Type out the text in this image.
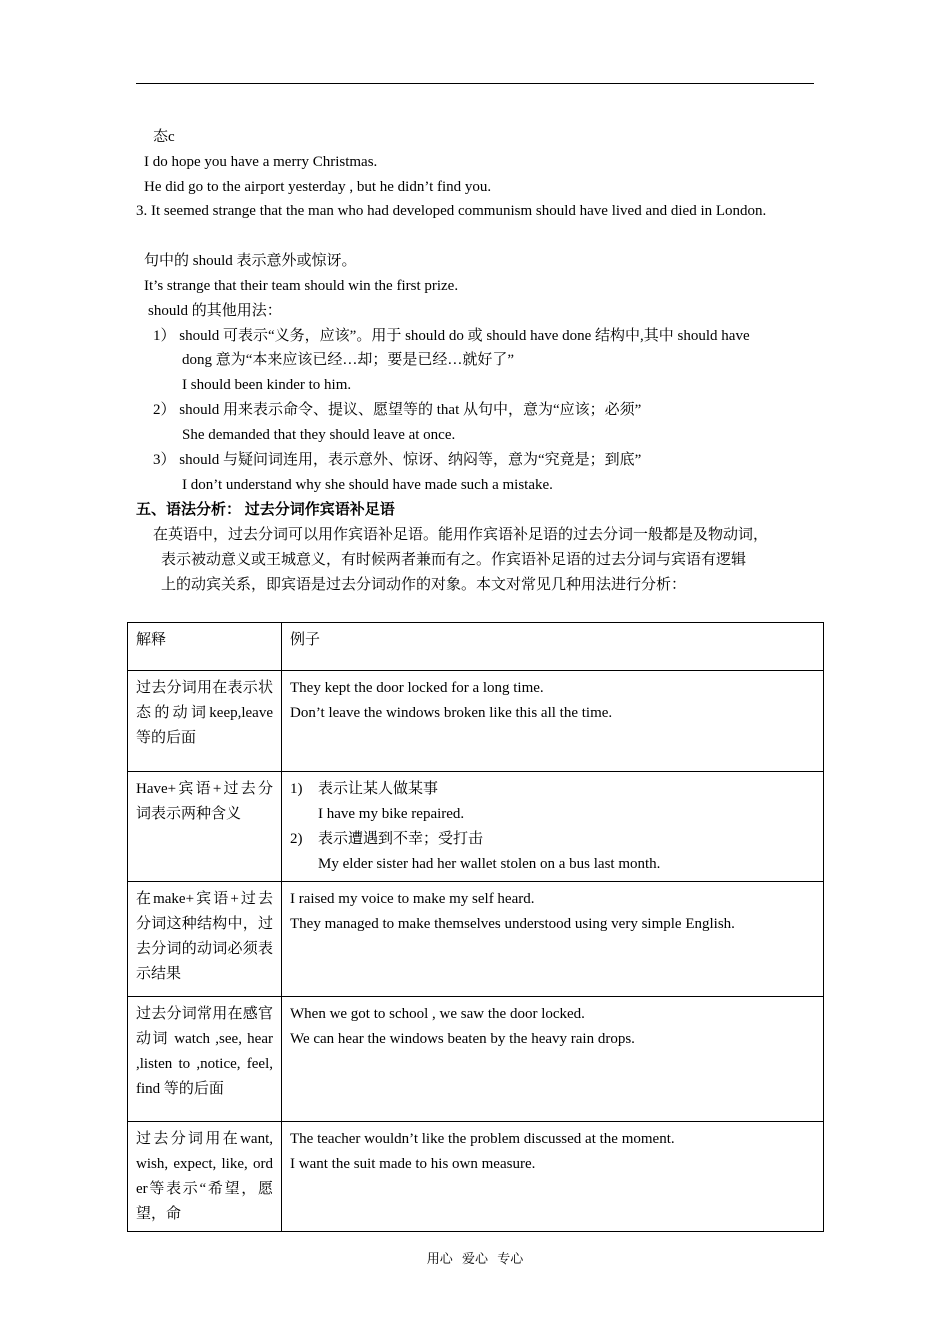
态c
I do hope you have a merry Christmas.
He did go to the airport yesterday , but he didn’t find you.
3. It seemed strange that the man who had developed communism should have lived and died in London.
句中的 should 表示意外或惊讶。
It’s strange that their team should win the first prize.
should 的其他用法：
1） should 可表示“义务，应该”。用于 should do 或 should have done 结构中,其中 should have
dong 意为“本来应该已经…却；要是已经…就好了”
I should been kinder to him.
2） should 用来表示命令、提议、愿望等的 that 从句中，意为“应该；必须”
She demanded that they should leave at once.
3） should 与疑问词连用，表示意外、惊讶、纳闷等，意为“究竟是；到底”
I don’t understand why she should have made such a mistake.
五、语法分析： 过去分词作宾语补足语
在英语中，过去分词可以用作宾语补足语。能用作宾语补足语的过去分词一般都是及物动词，
表示被动意义或王城意义，有时候两者兼而有之。作宾语补足语的过去分词与宾语有逻辑
上的动宾关系，即宾语是过去分词动作的对象。本文对常见几种用法进行分析：
解释	例子
过去分词用在表示状态的动词keep,leave等的后面	They kept the door locked for a long time.
Don’t leave the windows broken like this all the time.

Have+宾语+过去分词表示两种含义	1) 表示让某人做某事
I have my bike repaired.
2) 表示遭遇到不幸；受打击
My elder sister had her wallet stolen on a bus last month.

在make+宾语+过去分词这种结构中，过去分词的动词必须表示结果	I raised my voice to make my self heard.
They managed to make themselves understood using very simple English.

过去分词常用在感官动词 watch ,see, hear ,listen to ,notice, feel, find 等的后面	When we got to school , we saw the door locked.
We can hear the windows beaten by the heavy rain drops.

过去分词用在want, wish, expect, like, order等表示“希望，愿望，命	The teacher wouldn’t like the problem discussed at the moment.
I want the suit made to his own measure.
用心 爱心 专心
